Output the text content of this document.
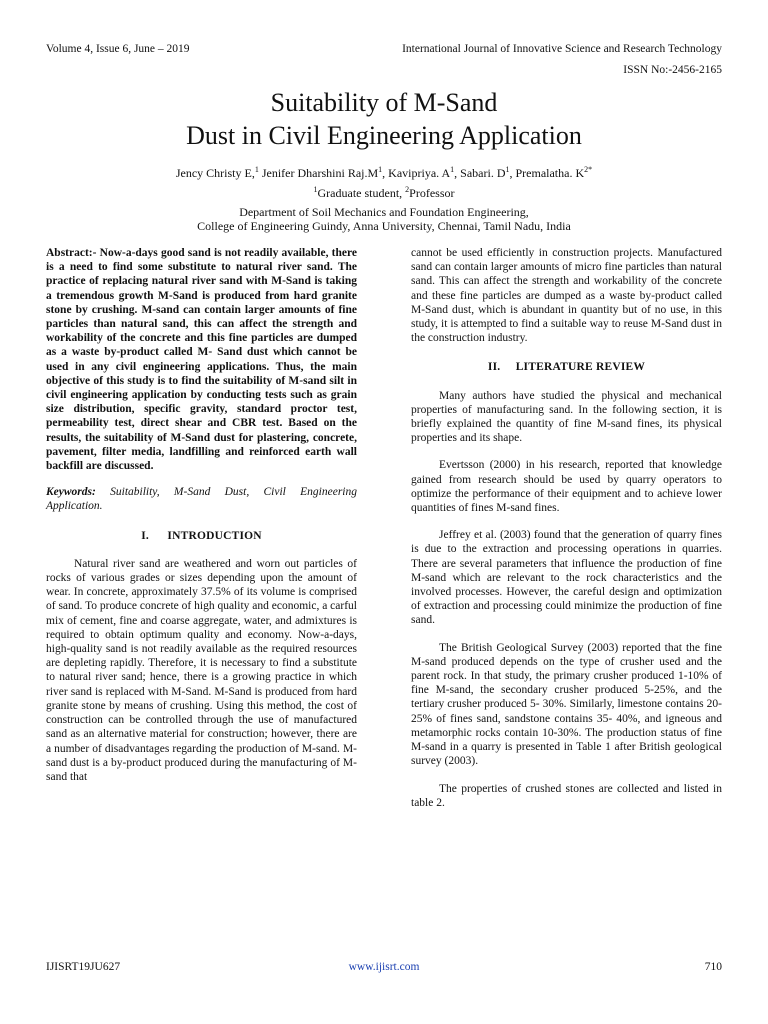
Volume 4, Issue 6, June – 2019	International Journal of Innovative Science and Research Technology
ISSN No:-2456-2165
Suitability of M-Sand
Dust in Civil Engineering Application
Jency Christy E,$^1$ Jenifer Dharshini $Raj.M^1$, Kavipriya. $A^1$, Sabari. $D^1$, Premalatha. $K^{2*}$
$^1$Graduate student, $^2$Professor
Department of Soil Mechanics and Foundation Engineering,
College of Engineering Guindy, Anna University, Chennai, Tamil Nadu, India

Abstract:- Now-a-days good sand is not readily available, there is a need to find some substitute to natural river sand. The practice of replacing natural river sand with M-Sand is taking a tremendous growth M-Sand is produced from hard granite stone by crushing. M-sand can contain larger amounts of fine particles than natural sand, this can affect the strength and workability of the concrete and this fine particles are dumped as a waste by-product called M- Sand dust which cannot be used in any civil engineering applications. Thus, the main objective of this study is to find the suitability of M-sand silt in civil engineering application by conducting tests such as grain size distribution, specific gravity, standard proctor test, permeability test, direct shear and CBR test. Based on the results, the suitability of M-Sand dust for plastering, concrete, pavement, filter media, landfilling and reinforced earth wall backfill are discussed.

Keywords: Suitability, M-Sand Dust, Civil Engineering Application.

I.      INTRODUCTION

Natural river sand are weathered and worn out particles of rocks of various grades or sizes depending upon the amount of wear. In concrete, approximately 37.5% of its volume is comprised of sand. To produce concrete of high quality and economic, a carful mix of cement, fine and coarse aggregate, water, and admixtures is required to obtain optimum quality and economy. Now-a-days, high-quality sand is not readily available as the required resources are depleting rapidly. Therefore, it is necessary to find a substitute to natural river sand; hence, there is a growing practice in which river sand is replaced with M-Sand. M-Sand is produced from hard granite stone by means of crushing. Using this method, the cost of construction can be controlled through the use of manufactured sand as an alternative material for construction; however, there are a number of disadvantages regarding the production of M-sand. M-sand dust is a by-product produced during the manufacturing of M-sand that

cannot be used efficiently in construction projects. Manufactured sand can contain larger amounts of micro fine particles than natural sand. This can affect the strength and workability of the concrete and these fine particles are dumped as a waste by-product called M-Sand dust, which is abundant in quantity but of no use, in this study, it is attempted to find a suitable way to reuse M-Sand dust in the construction industry.

II.     LITERATURE REVIEW

Many authors have studied the physical and mechanical properties of manufacturing sand. In the following section, it is briefly explained the quantity of fine M-sand fines, its physical properties and its shape.

Evertsson (2000) in his research, reported that knowledge gained from research should be used by quarry operators to optimize the performance of their equipment and to achieve lower quantities of fines M-sand fines.

Jeffrey et al. (2003) found that the generation of quarry fines is due to the extraction and processing operations in quarries. There are several parameters that influence the production of fine M-sand which are relevant to the rock characteristics and the involved processes. However, the careful design and optimization of extraction and processing could minimize the production of fine sand.

The British Geological Survey (2003) reported that the fine M-sand produced depends on the type of crusher used and the parent rock. In that study, the primary crusher produced 1-10% of fine M-sand, the secondary crusher produced 5-25%, and the tertiary crusher produced 5- 30%. Similarly, limestone contains 20- 25% of fines sand, sandstone contains 35- 40%, and igneous and metamorphic rocks contain 10-30%. The production status of fine M-sand in a quarry is presented in Table 1 after British geological survey (2003).

The properties of crushed stones are collected and listed in table 2.

IJISRT19JU627	www.ijisrt.com	710
